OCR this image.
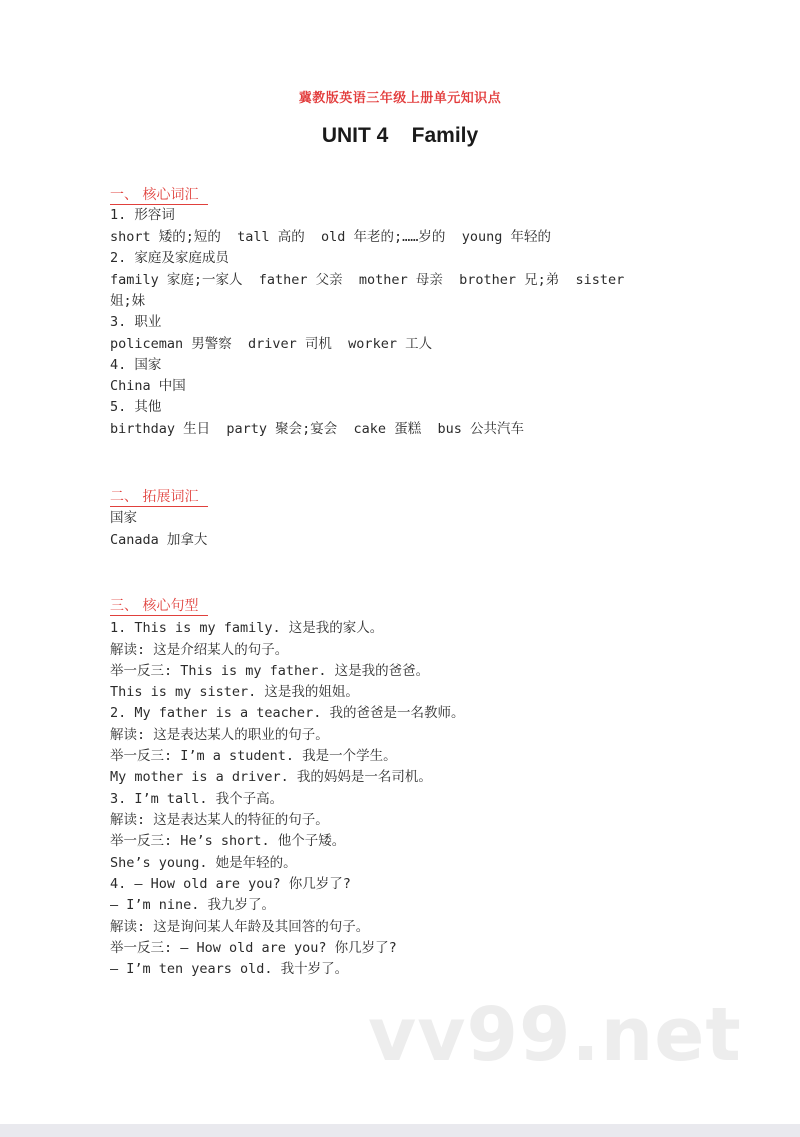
冀教版英语三年级上册单元知识点
UNIT 4    Family
一、 核心词汇
1. 形容词
short 矮的;短的  tall 高的  old 年老的;……岁的  young 年轻的
2. 家庭及家庭成员
family 家庭;一家人  father 父亲  mother 母亲  brother 兄;弟  sister
姐;妹
3. 职业
policeman 男警察  driver 司机  worker 工人
4. 国家
China 中国
5. 其他
birthday 生日  party 聚会;宴会  cake 蛋糕  bus 公共汽车
二、 拓展词汇
国家
Canada 加拿大
三、 核心句型
1. This is my family. 这是我的家人。
解读: 这是介绍某人的句子。
举一反三: This is my father. 这是我的爸爸。
This is my sister. 这是我的姐姐。
2. My father is a teacher. 我的爸爸是一名教师。
解读: 这是表达某人的职业的句子。
举一反三: I’m a student. 我是一个学生。
My mother is a driver. 我的妈妈是一名司机。
3. I’m tall. 我个子高。
解读: 这是表达某人的特征的句子。
举一反三: He’s short. 他个子矮。
She’s young. 她是年轻的。
4. — How old are you? 你几岁了?
— I’m nine. 我九岁了。
解读: 这是询问某人年龄及其回答的句子。
举一反三: — How old are you? 你几岁了?
— I’m ten years old. 我十岁了。
vv99.net
